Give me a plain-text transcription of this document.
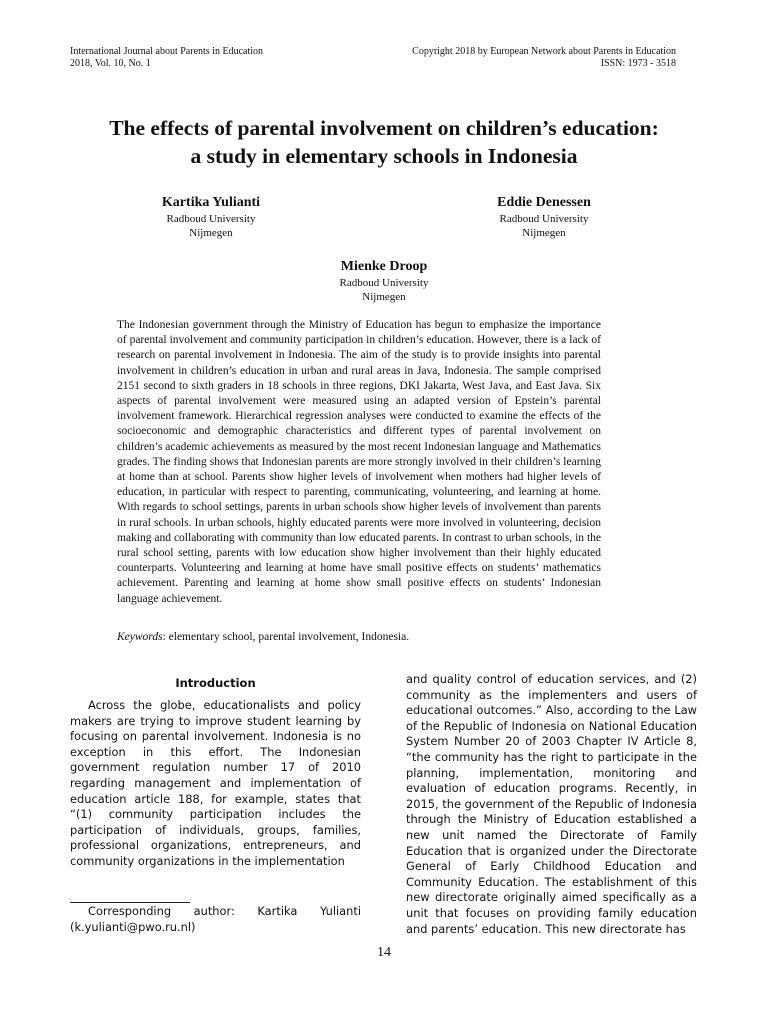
International Journal about Parents in Education
2018, Vol. 10, No. 1
Copyright 2018 by European Network about Parents in Education
ISSN: 1973 - 3518
The effects of parental involvement on children’s education:
a study in elementary schools in Indonesia
Kartika Yulianti
Radboud University
Nijmegen
Eddie Denessen
Radboud University
Nijmegen
Mienke Droop
Radboud University
Nijmegen

The Indonesian government through the Ministry of Education has begun to emphasize the importance of parental involvement and community participation in children’s education. However, there is a lack of research on parental involvement in Indonesia. The aim of the study is to provide insights into parental involvement in children’s education in urban and rural areas in Java, Indonesia. The sample comprised 2151 second to sixth graders in 18 schools in three regions, DKI Jakarta, West Java, and East Java. Six aspects of parental involvement were measured using an adapted version of Epstein’s parental involvement framework. Hierarchical regression analyses were conducted to examine the effects of the socioeconomic and demographic characteristics and different types of parental involvement on children’s academic achievements as measured by the most recent Indonesian language and Mathematics grades. The finding shows that Indonesian parents are more strongly involved in their children’s learning at home than at school. Parents show higher levels of involvement when mothers had higher levels of education, in particular with respect to parenting, communicating, volunteering, and learning at home. With regards to school settings, parents in urban schools show higher levels of involvement than parents in rural schools. In urban schools, highly educated parents were more involved in volunteering, decision making and collaborating with community than low educated parents. In contrast to urban schools, in the rural school setting, parents with low education show higher involvement than their highly educated counterparts. Volunteering and learning at home have small positive effects on students’ mathematics achievement. Parenting and learning at home show small positive effects on students’ Indonesian language achievement.

Keywords: elementary school, parental involvement, Indonesia.

Introduction

Across the globe, educationalists and policy makers are trying to improve student learning by focusing on parental involvement. Indonesia is no exception in this effort. The Indonesian government regulation number 17 of 2010 regarding management and implementation of education article 188, for example, states that “(1) community participation includes the participation of individuals, groups, families, professional organizations, entrepreneurs, and community organizations in the implementation

Corresponding author: Kartika Yulianti (k.yulianti@pwo.ru.nl)

and quality control of education services, and (2) community as the implementers and users of educational outcomes.” Also, according to the Law of the Republic of Indonesia on National Education System Number 20 of 2003 Chapter IV Article 8, “the community has the right to participate in the planning, implementation, monitoring and evaluation of education programs. Recently, in 2015, the government of the Republic of Indonesia through the Ministry of Education established a new unit named the Directorate of Family Education that is organized under the Directorate General of Early Childhood Education and Community Education. The establishment of this new directorate originally aimed specifically as a unit that focuses on providing family education and parents’ education. This new directorate has

14
